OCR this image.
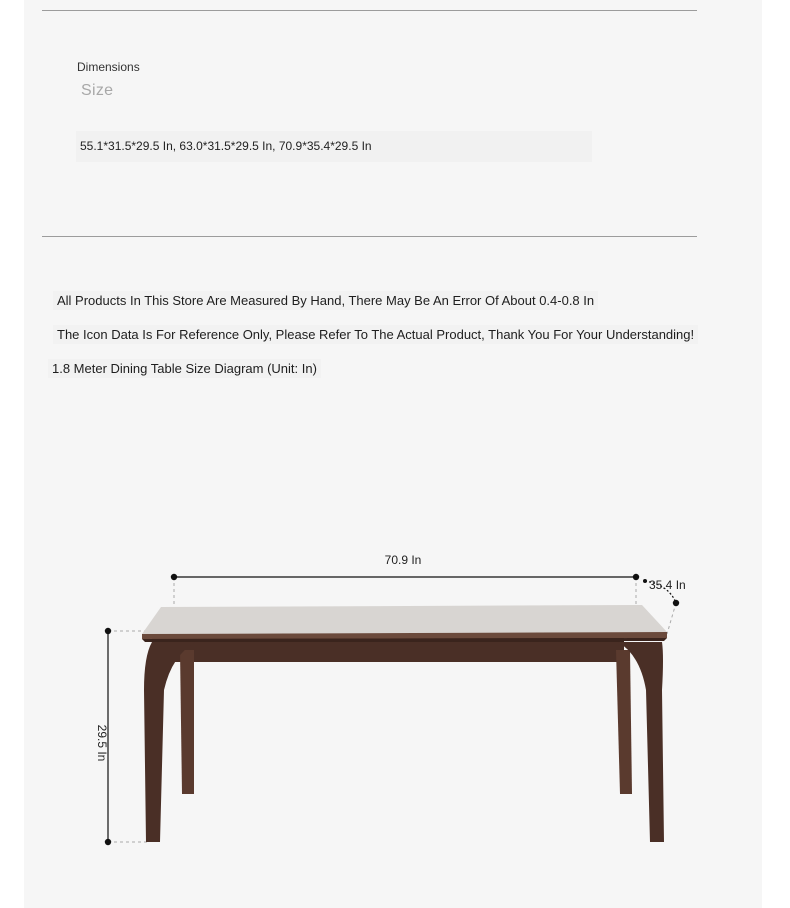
Dimensions
Size
55.1*31.5*29.5 In, 63.0*31.5*29.5 In, 70.9*35.4*29.5 In
All Products In This Store Are Measured By Hand, There May Be An Error Of About 0.4-0.8 In
The Icon Data Is For Reference Only, Please Refer To The Actual Product, Thank You For Your Understanding!
1.8 Meter Dining Table Size Diagram (Unit: In)
70.9 In
35.4 In
29.5 In
